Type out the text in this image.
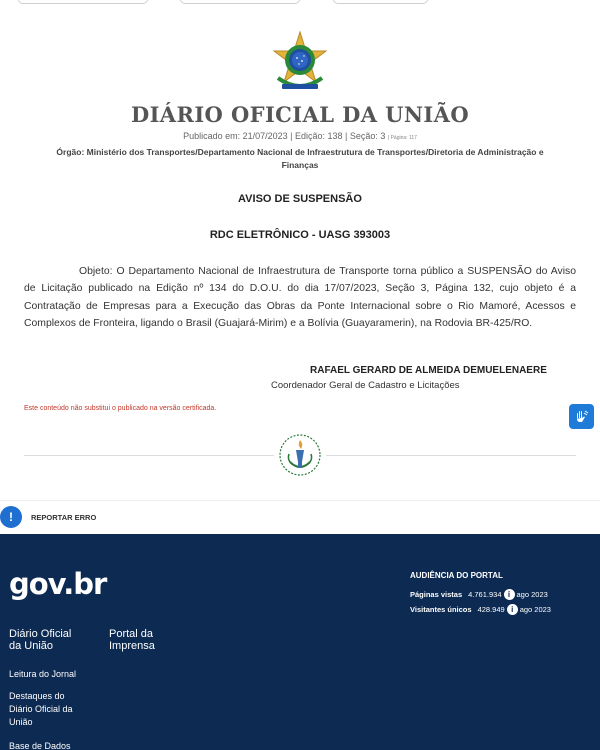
DIÁRIO OFICIAL DA UNIÃO
Publicado em: 21/07/2023 | Edição: 138 | Seção: 3 | Página: 117
Órgão: Ministério dos Transportes/Departamento Nacional de Infraestrutura de Transportes/Diretoria de Administração e Finanças
AVISO DE SUSPENSÃO
RDC ELETRÔNICO - UASG 393003

Objeto: O Departamento Nacional de Infraestrutura de Transporte torna público a SUSPENSÃO do Aviso de Licitação publicado na Edição nº 134 do D.O.U. do dia 17/07/2023, Seção 3, Página 132, cujo objeto é a Contratação de Empresas para a Execução das Obras da Ponte Internacional sobre o Rio Mamoré, Acessos e Complexos de Fronteira, ligando o Brasil (Guajará-Mirim) e a Bolívia (Guayaramerin), na Rodovia BR-425/RO.

RAFAEL GERARD DE ALMEIDA DEMUELENAERE
Coordenador Geral de Cadastro e Licitações
Este conteúdo não substitui o publicado na versão certificada.
!	REPORTAR ERRO
gov.br	AUDIÊNCIA DO PORTAL
Páginas vistas 4.761.934 i ago 2023
Visitantes únicos 428.949 i ago 2023
Diário Oficial
da União
Portal da
Imprensa
Leitura do Jornal
Destaques do
Diário Oficial da
União
Base de Dados
